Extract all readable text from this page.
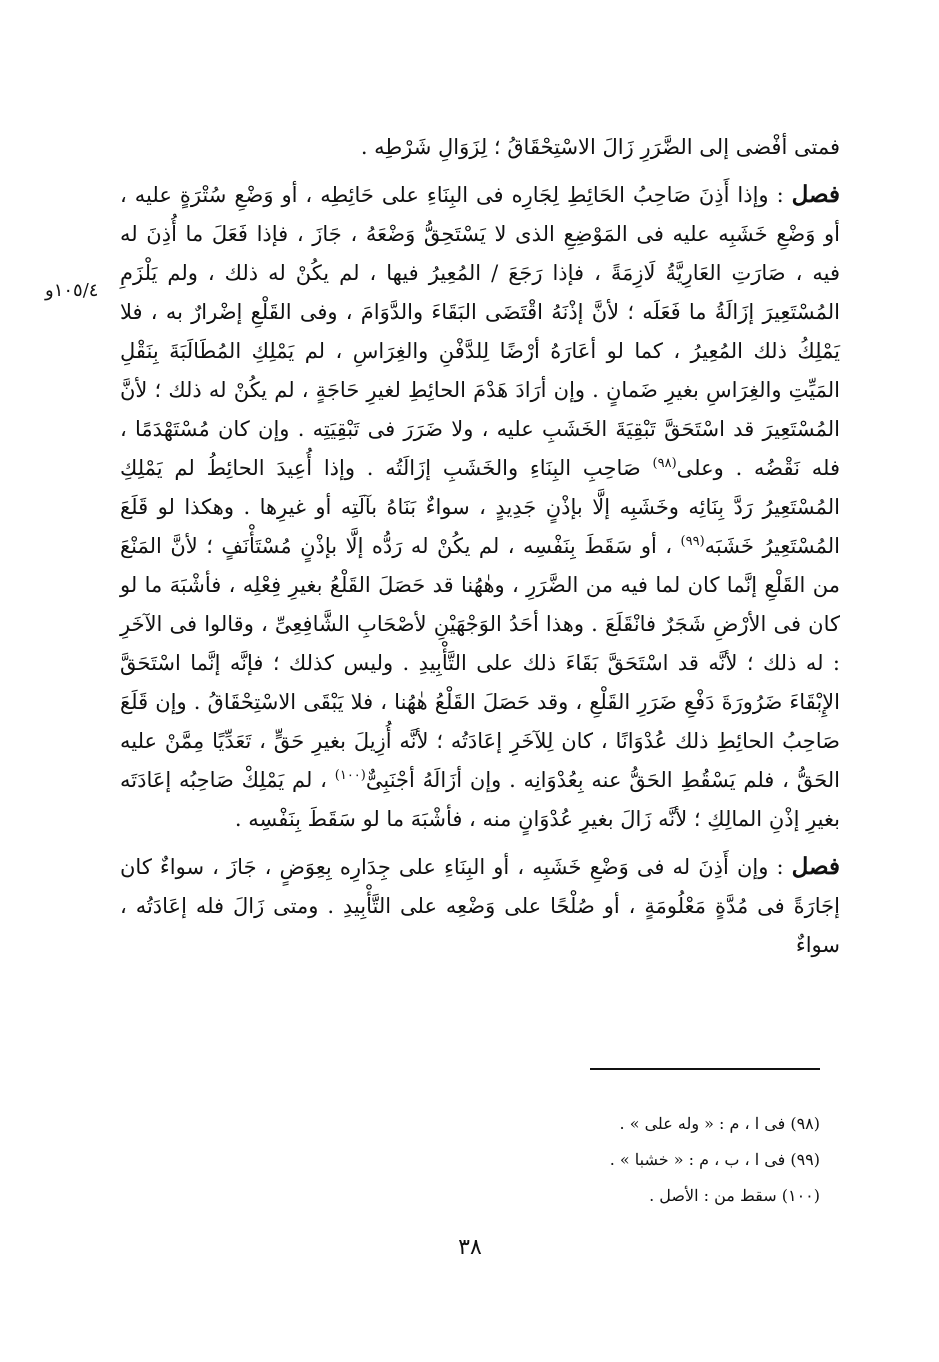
١٠٥/٤و

فمتى أفْضى إلى الضَّرَرِ زَالَ الاسْتِحْقَاقُ ؛ لِزَوَالِ شَرْطِه .

فصل : وإذا أَذِنَ صَاحِبُ الحَائِطِ لِجَارِه فى البِنَاءِ على حَائِطِه ، أو وَضْعِ سُتْرَةٍ عليه ، أو وَضْعِ خَشَبِه عليه فى المَوْضِعِ الذى لا يَسْتَحِقُّ وَضْعَهُ ، جَازَ ، فإذا فَعَلَ ما أُذِنَ له فيه ، صَارَتِ العَارِيَّةُ لَازِمَةً ، فإذا رَجَعَ / المُعِيرُ فيها ، لم يكُنْ له ذلك ، ولم يَلْزَمِ المُسْتَعِيرَ إزَالَةُ ما فَعَلَه ؛ لأنَّ إذْنَهُ اقْتَضَى البَقَاءَ والدَّوَامَ ، وفى القَلْعِ إضْرارٌ به ، فلا يَمْلِكُ ذلك المُعِيرُ ، كما لو أعَارَهُ أرْضًا لِلدَّفْنِ والغِرَاسِ ، لم يَمْلِكِ المُطَالَبَةَ بِنَقْلِ المَيِّتِ والغِرَاسِ بغيرِ ضَمانٍ . وإن أرَادَ هَدْمَ الحائِطِ لغيرِ حَاجَةٍ ، لم يكُنْ له ذلك ؛ لأنَّ المُسْتَعِيرَ قد اسْتَحَقَّ تَبْقِيَةَ الخَشَبِ عليه ، ولا ضَرَرَ فى تَبْقِيَتِه . وإن كان مُسْتَهْدَمًا ، فله نَقْضُه . وعلى$^{(٩٨)}$ صَاحِبِ البِنَاءِ والخَشَبِ إزَالَتُه . وإذا أُعِيدَ الحائِطُ لم يَمْلِكِ المُسْتَعِيرُ رَدَّ بِنَائِه وخَشَبِه إلَّا بإذْنٍ جَدِيدٍ ، سواءٌ بَنَاهُ بآلَتِه أو غيرِها . وهكذا لو قَلَعَ المُسْتَعِيرُ خَشَبَه$^{(٩٩)}$ ، أو سَقَطَ بِنَفْسِه ، لم يكُنْ له رَدُّه إلَّا بإذْنٍ مُسْتَأْنَفٍ ؛ لأنَّ المَنْعَ من القَلْعِ إنَّما كان لما فيه من الضَّرَرِ ، وهٰهُنا قد حَصَلَ القَلْعُ بغيرِ فِعْلِه ، فأشْبَهَ ما لو كان فى الأرْضِ شَجَرٌ فانْقَلَعَ . وهذا أحَدُ الوَجْهَيْنِ لأصْحَابِ الشَّافِعِىِّ ، وقالوا فى الآخَرِ : له ذلك ؛ لأنَّه قد اسْتَحَقَّ بَقَاءَ ذلك على التَّأْبِيدِ . وليس كذلك ؛ فإنَّه إنَّما اسْتَحَقَّ الإِبْقَاءَ ضَرُورَةَ دَفْعِ ضَرَرِ القَلْعِ ، وقد حَصَلَ القَلْعُ هٰهُنا ، فلا يَبْقَى الاسْتِحْقَاقُ . وإن قَلَعَ صَاحِبُ الحائِطِ ذلك عُدْوَانًا ، كان لِلآخَرِ إعَادَتُه ؛ لأنَّه أُزِيلَ بغيرِ حَقٍّ ، تَعَدِّيًا مِمَّنْ عليه الحَقُّ ، فلم يَسْقُطِ الحَقُّ عنه بِعُدْوَانِه . وإن أزَالَهُ أجْنَبِىٌّ$^{(١٠٠)}$ ، لم يَمْلِكْ صَاحِبُه إعَادَتَه بغيرِ إذْنِ المالِكِ ؛ لأنَّه زَالَ بغيرِ عُدْوَانٍ منه ، فأشْبَهَ ما لو سَقَطَ بِنَفْسِه .

فصل : وإن أَذِنَ له فى وَضْعِ خَشَبِه ، أو البِنَاءِ على جِدَارِه بِعِوَضٍ ، جَازَ ، سواءٌ كان إجَارَةً فى مُدَّةٍ مَعْلُومَةٍ ، أو صُلْحًا على وَضْعِه على التَّأْبِيدِ . ومتى زَالَ فله إعَادَتُه ، سواءٌ

(٩٨) فى ا ، م : « وله على » .

(٩٩) فى ا ، ب ، م : « خشبا » .

(١٠٠) سقط من : الأصل .

٣٨
